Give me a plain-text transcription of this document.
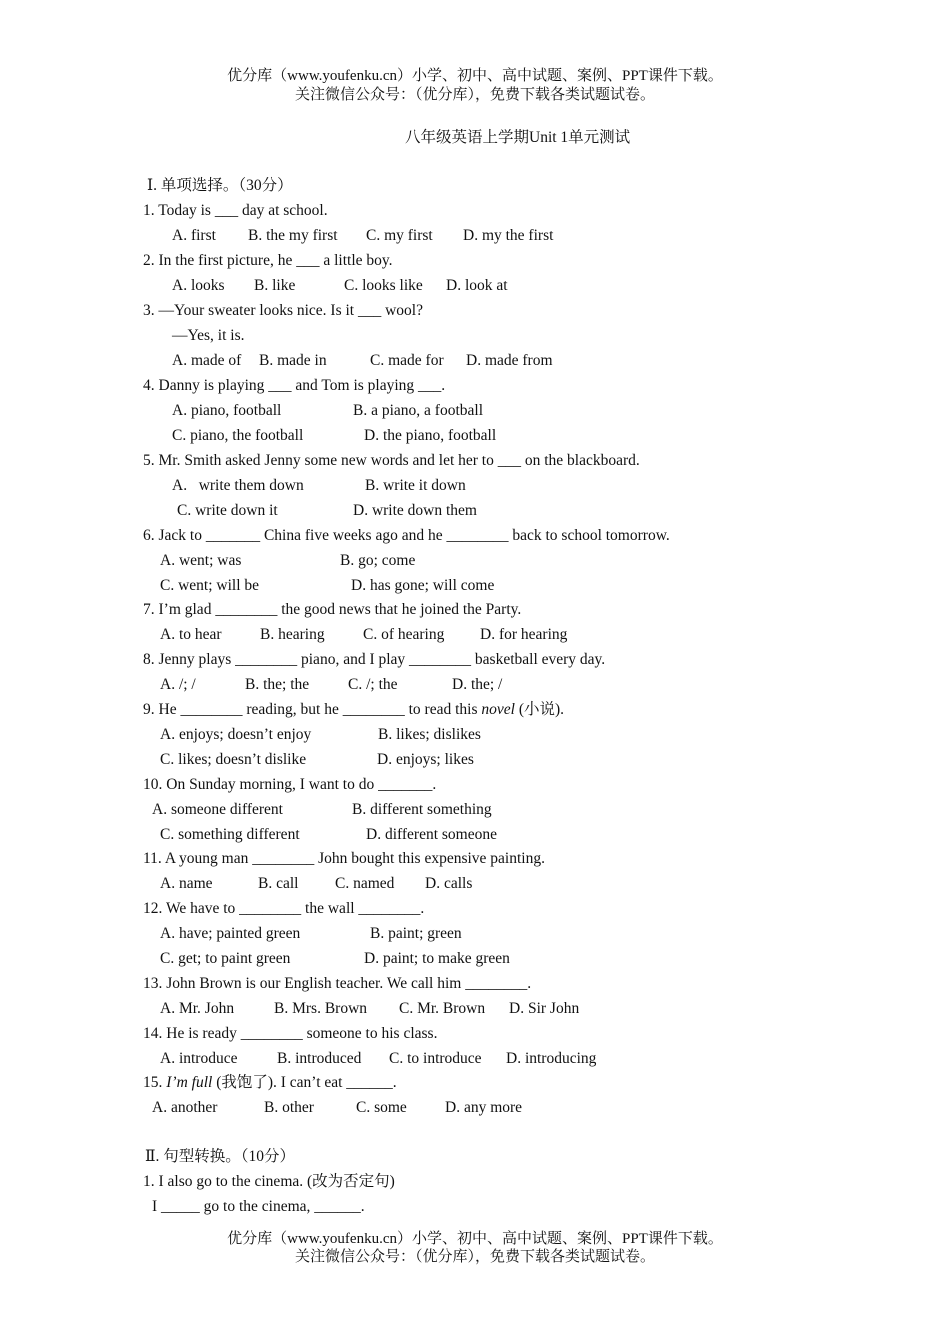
优分库（www.youfenku.cn）小学、初中、高中试题、案例、PPT课件下载。
关注微信公众号：（优分库），免费下载各类试题试卷。
八年级英语上学期Unit 1单元测试
Ⅰ. 单项选择。（30分）
1. Today is ___ day at school.
A. first B. the my first C. my first D. my the first
2. In the first picture, he ___ a little boy.
A. looks B. like	C. looks like D. look at
3. —Your sweater looks nice. Is it ___ wool?
—Yes, it is.
A. made of B. made in	C. made for D. made from
4. Danny is playing ___ and Tom is playing ___.
A. piano, football	B. a piano, a football
C. piano, the football	D. the piano, football
5. Mr. Smith asked Jenny some new words and let her to ___ on the blackboard.
A.   write them down	B. write it down
C. write down it	D. write down them
6. Jack to _______ China five weeks ago and he ________ back to school tomorrow.
A. went; was	B. go; come
C. went; will be	D. has gone; will come
7. I’m glad ________ the good news that he joined the Party.
A. to hear B. hearing C. of hearing D. for hearing
8. Jenny plays ________ piano, and I play ________ basketball every day.
A. /; /	B. the; the	C. /; the	D. the; /
9. He ________ reading, but he ________ to read this novel (小说).
A. enjoys; doesn’t enjoy	B. likes; dislikes
C. likes; doesn’t dislike	D. enjoys; likes
10. On Sunday morning, I want to do _______.
A. someone different	B. different something
C. something different	D. different someone
11. A young man ________ John bought this expensive painting.
A. name	B. call C. named D. calls
12. We have to ________ the wall ________.
A. have; painted green	B. paint; green
C. get; to paint green	D. paint; to make green
13. John Brown is our English teacher. We call him ________.
A. Mr. John	B. Mrs. Brown C. Mr. Brown D. Sir John
14. He is ready ________ someone to his class.
A. introduce	B. introduced C. to introduce D. introducing
15. I’m full (我饱了). I can’t eat ______.
A. another	B. other	C. some D. any more
Ⅱ. 句型转换。（10分）
1. I also go to the cinema. (改为否定句)
I _____ go to the cinema, ______.
优分库（www.youfenku.cn）小学、初中、高中试题、案例、PPT课件下载。
关注微信公众号：（优分库），免费下载各类试题试卷。
